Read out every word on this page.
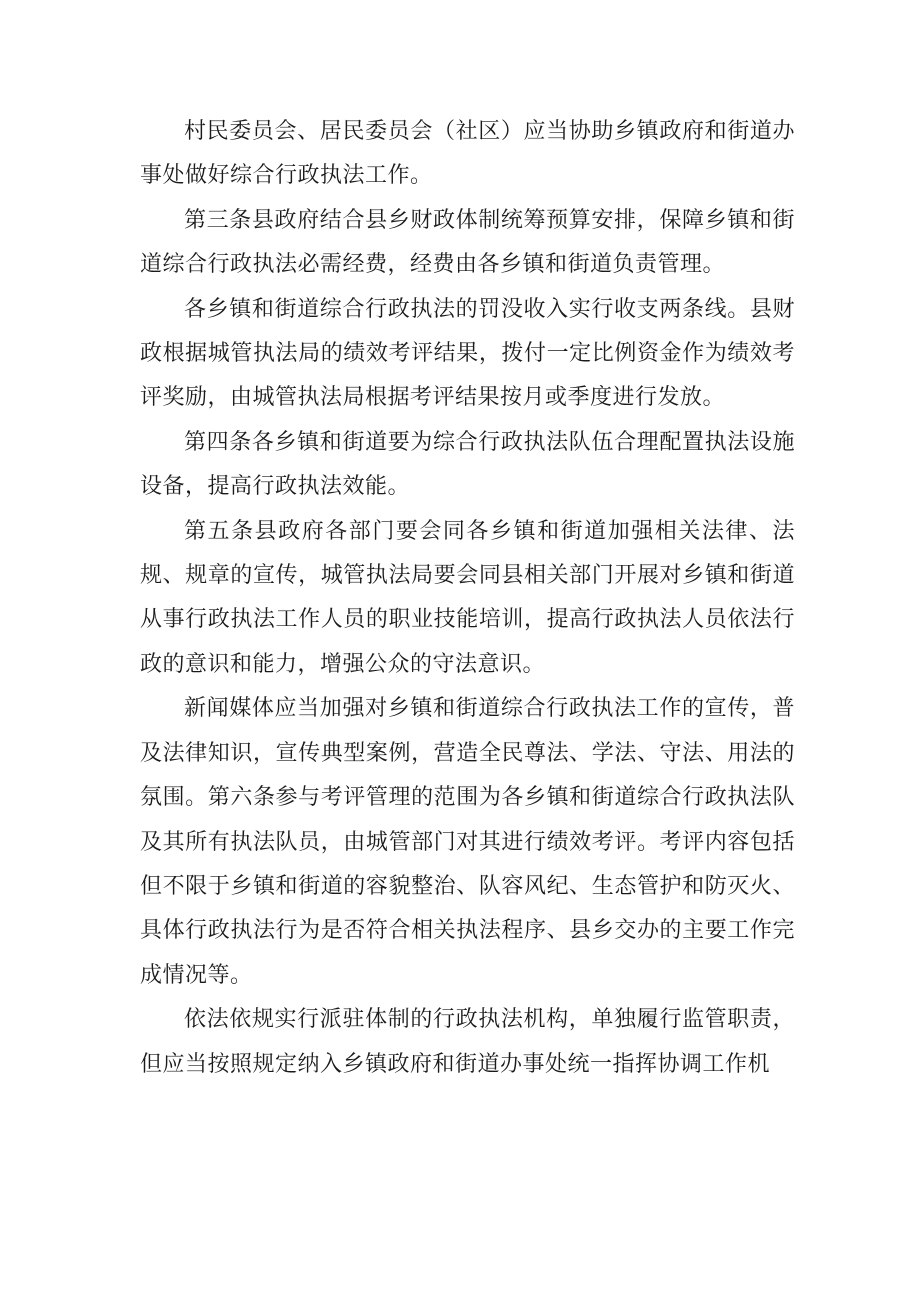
村民委员会、居民委员会（社区）应当协助乡镇政府和街道办事处做好综合行政执法工作。

第三条县政府结合县乡财政体制统筹预算安排，保障乡镇和街道综合行政执法必需经费，经费由各乡镇和街道负责管理。

各乡镇和街道综合行政执法的罚没收入实行收支两条线。县财政根据城管执法局的绩效考评结果，拨付一定比例资金作为绩效考评奖励，由城管执法局根据考评结果按月或季度进行发放。

第四条各乡镇和街道要为综合行政执法队伍合理配置执法设施设备，提高行政执法效能。

第五条县政府各部门要会同各乡镇和街道加强相关法律、法规、规章的宣传，城管执法局要会同县相关部门开展对乡镇和街道从事行政执法工作人员的职业技能培训，提高行政执法人员依法行政的意识和能力，增强公众的守法意识。

新闻媒体应当加强对乡镇和街道综合行政执法工作的宣传，普及法律知识，宣传典型案例，营造全民尊法、学法、守法、用法的氛围。第六条参与考评管理的范围为各乡镇和街道综合行政执法队及其所有执法队员，由城管部门对其进行绩效考评。考评内容包括但不限于乡镇和街道的容貌整治、队容风纪、生态管护和防灭火、具体行政执法行为是否符合相关执法程序、县乡交办的主要工作完成情况等。

依法依规实行派驻体制的行政执法机构，单独履行监管职责，但应当按照规定纳入乡镇政府和街道办事处统一指挥协调工作机
